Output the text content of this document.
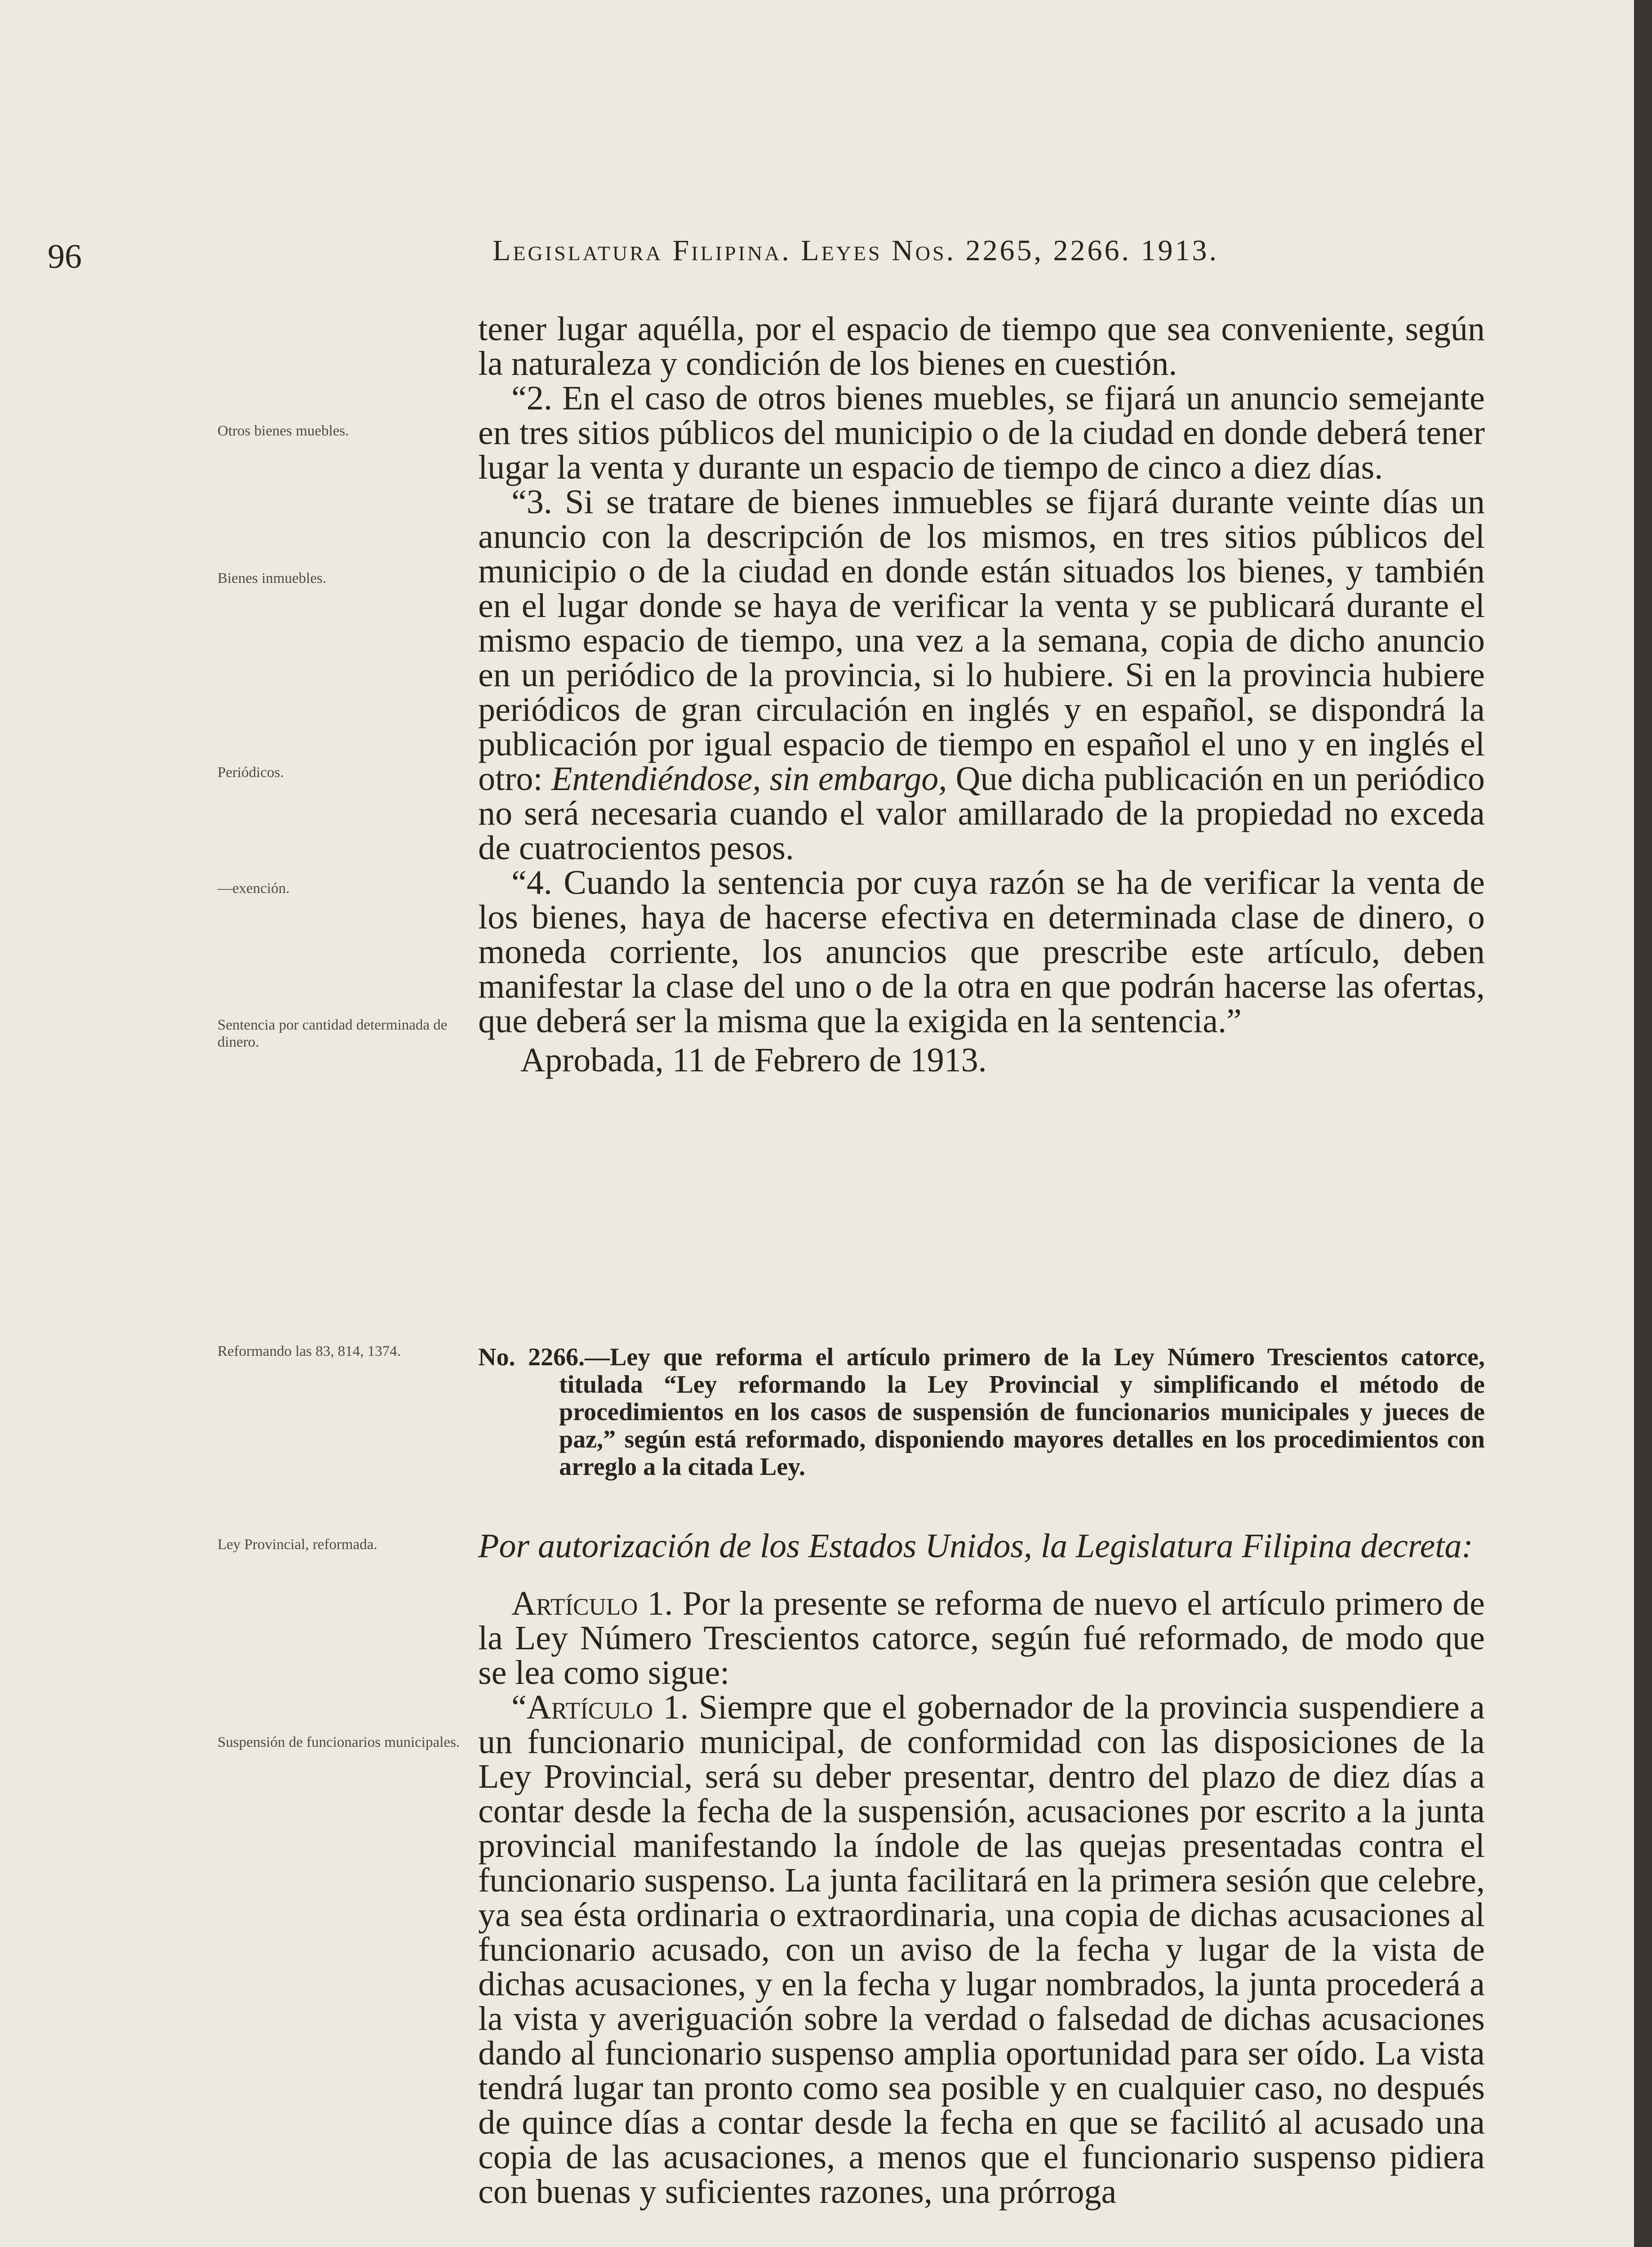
96	Legislatura Filipina. Leyes Nos. 2265, 2266. 1913.

Otros bienes muebles.

Bienes inmuebles.

Periódicos.

—exención.

Sentencia por cantidad determinada de dinero.

Reformando las 83, 814, 1374.

Ley Provincial, reformada.

Suspensión de funcionarios municipales.

tener lugar aquélla, por el espacio de tiempo que sea conveniente, según la naturaleza y condición de los bienes en cuestión.

“2. En el caso de otros bienes muebles, se fijará un anuncio semejante en tres sitios públicos del municipio o de la ciudad en donde deberá tener lugar la venta y durante un espacio de tiempo de cinco a diez días.

“3. Si se tratare de bienes inmuebles se fijará durante veinte días un anuncio con la descripción de los mismos, en tres sitios públicos del municipio o de la ciudad en donde están situados los bienes, y también en el lugar donde se haya de verificar la venta y se publicará durante el mismo espacio de tiempo, una vez a la semana, copia de dicho anuncio en un periódico de la provincia, si lo hubiere. Si en la provincia hubiere periódicos de gran circulación en inglés y en español, se dispondrá la publicación por igual espacio de tiempo en español el uno y en inglés el otro: Entendiéndose, sin embargo, Que dicha publicación en un periódico no será necesaria cuando el valor amillarado de la propiedad no exceda de cuatrocientos pesos.

“4. Cuando la sentencia por cuya razón se ha de verificar la venta de los bienes, haya de hacerse efectiva en determinada clase de dinero, o moneda corriente, los anuncios que prescribe este artículo, deben manifestar la clase del uno o de la otra en que podrán hacerse las ofertas, que deberá ser la misma que la exigida en la sentencia.”

Aprobada, 11 de Febrero de 1913.

No. 2266.—Ley que reforma el artículo primero de la Ley Número Trescientos catorce, titulada “Ley reformando la Ley Provincial y simplificando el método de procedimientos en los casos de suspensión de funcionarios municipales y jueces de paz,” según está reformado, disponiendo mayores detalles en los procedimientos con arreglo a la citada Ley.

Por autorización de los Estados Unidos, la Legislatura Filipina decreta:

Artículo 1. Por la presente se reforma de nuevo el artículo primero de la Ley Número Trescientos catorce, según fué reformado, de modo que se lea como sigue:

“Artículo 1. Siempre que el gobernador de la provincia suspendiere a un funcionario municipal, de conformidad con las disposiciones de la Ley Provincial, será su deber presentar, dentro del plazo de diez días a contar desde la fecha de la suspensión, acusaciones por escrito a la junta provincial manifestando la índole de las quejas presentadas contra el funcionario suspenso. La junta facilitará en la primera sesión que celebre, ya sea ésta ordinaria o extraordinaria, una copia de dichas acusaciones al funcionario acusado, con un aviso de la fecha y lugar de la vista de dichas acusaciones, y en la fecha y lugar nombrados, la junta procederá a la vista y averiguación sobre la verdad o falsedad de dichas acusaciones dando al funcionario suspenso amplia oportunidad para ser oído. La vista tendrá lugar tan pronto como sea posible y en cualquier caso, no después de quince días a contar desde la fecha en que se facilitó al acusado una copia de las acusaciones, a menos que el funcionario suspenso pidiera con buenas y suficientes razones, una prórroga
